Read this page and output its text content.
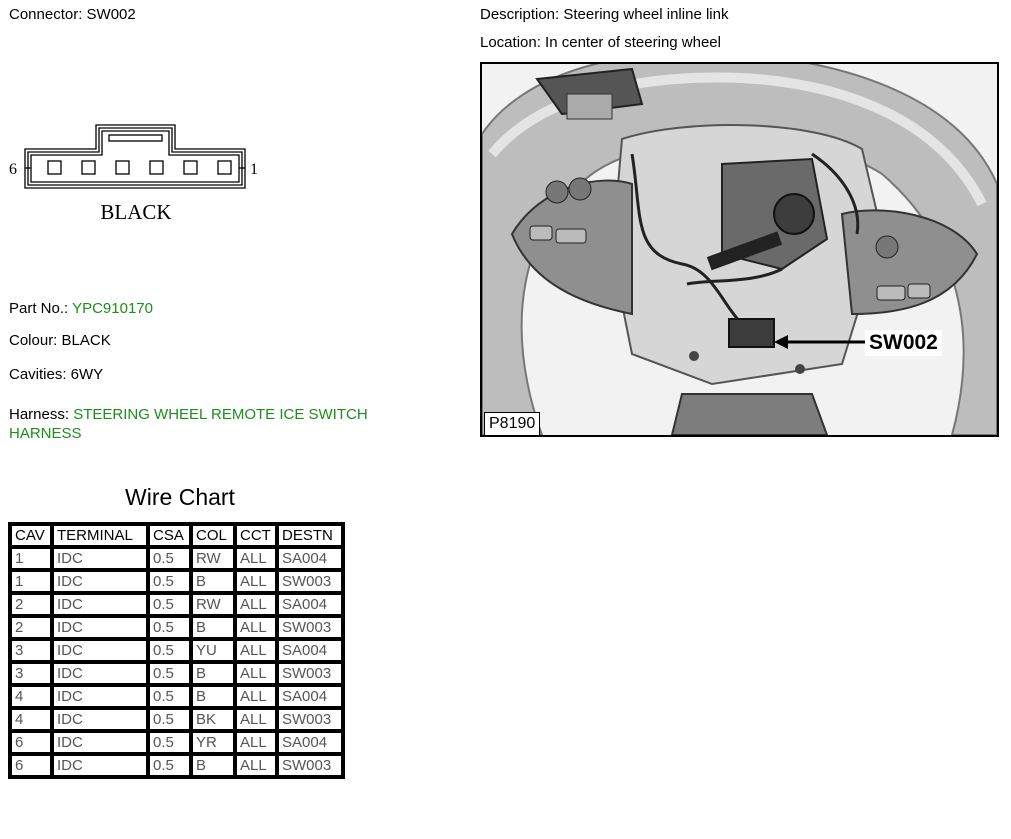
Connector: SW002	Description: Steering wheel inline link
Location: In center of steering wheel
6	1
BLACK
Part No.: YPC910170
Colour: BLACK
Cavities: 6WY
Harness: STEERING WHEEL REMOTE ICE SWITCH
HARNESS
SW002
P8190
Wire Chart
CAV	TERMINAL	CSA	COL	CCT	DESTN
1	IDC	0.5	RW	ALL	SA004
1	IDC	0.5	B	ALL	SW003
2	IDC	0.5	RW	ALL	SA004
2	IDC	0.5	B	ALL	SW003
3	IDC	0.5	YU	ALL	SA004
3	IDC	0.5	B	ALL	SW003
4	IDC	0.5	B	ALL	SA004
4	IDC	0.5	BK	ALL	SW003
6	IDC	0.5	YR	ALL	SA004
6	IDC	0.5	B	ALL	SW003
